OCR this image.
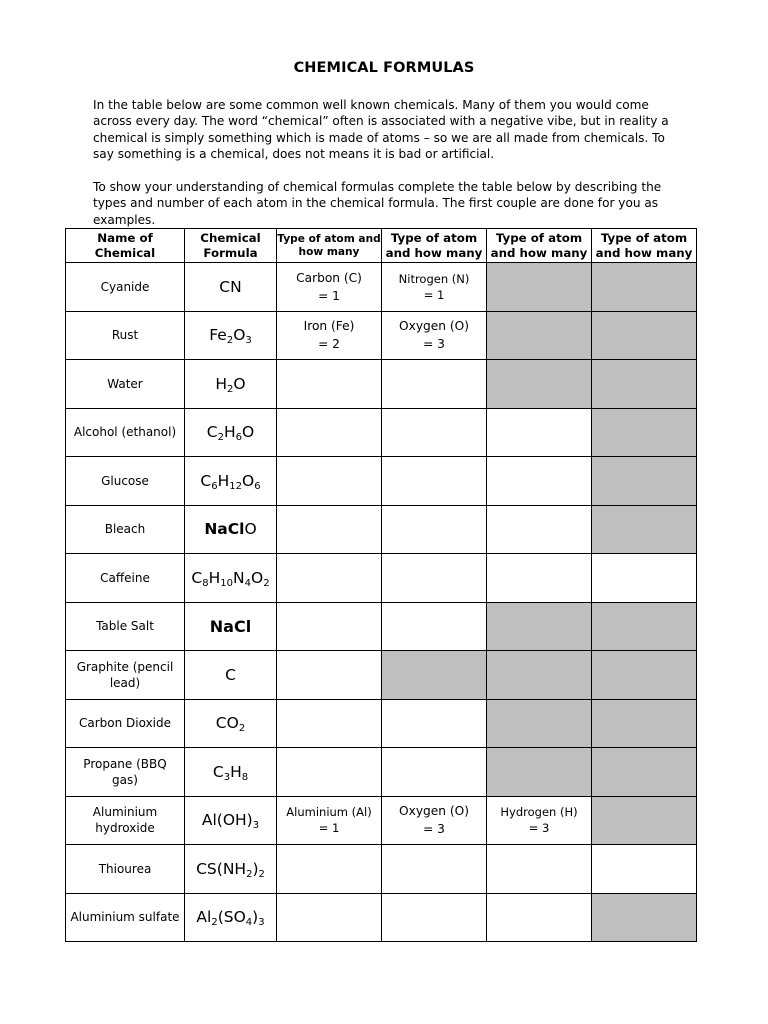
CHEMICAL FORMULAS
In the table below are some common well known chemicals. Many of them you would come across every day. The word “chemical” often is associated with a negative vibe, but in reality a chemical is simply something which is made of atoms – so we are all made from chemicals. To say something is a chemical, does not means it is bad or artificial.
To show your understanding of chemical formulas complete the table below by describing the types and number of each atom in the chemical formula. The first couple are done for you as examples.
Name of Chemical	Chemical Formula	Type of atom and how many	Type of atom and how many	Type of atom and how many	Type of atom and how many
Cyanide	CN	Carbon (C)
= 1	Nitrogen (N)
= 1		
Rust	$Fe_2O_3$	Iron (Fe)
= 2	Oxygen (O)
= 3		
Water	$H_2O$				
Alcohol (ethanol)	$C_2H_6O$				
Glucose	$C_6H_{12}O_6$				
Bleach	NaClO				
Caffeine	$C_8H_{10}N_4O_2$				
Table Salt	NaCl				
Graphite (pencil lead)	C				
Carbon Dioxide	$CO_2$				
Propane (BBQ gas)	$C_3H_8$				
Aluminium hydroxide	$Al(OH)_3$	Aluminium (Al)
= 1	Oxygen (O)
= 3	Hydrogen (H)
= 3	
Thiourea	$CS(NH_2)_2$				
Aluminium sulfate	$Al_2(SO_4)_3$				
